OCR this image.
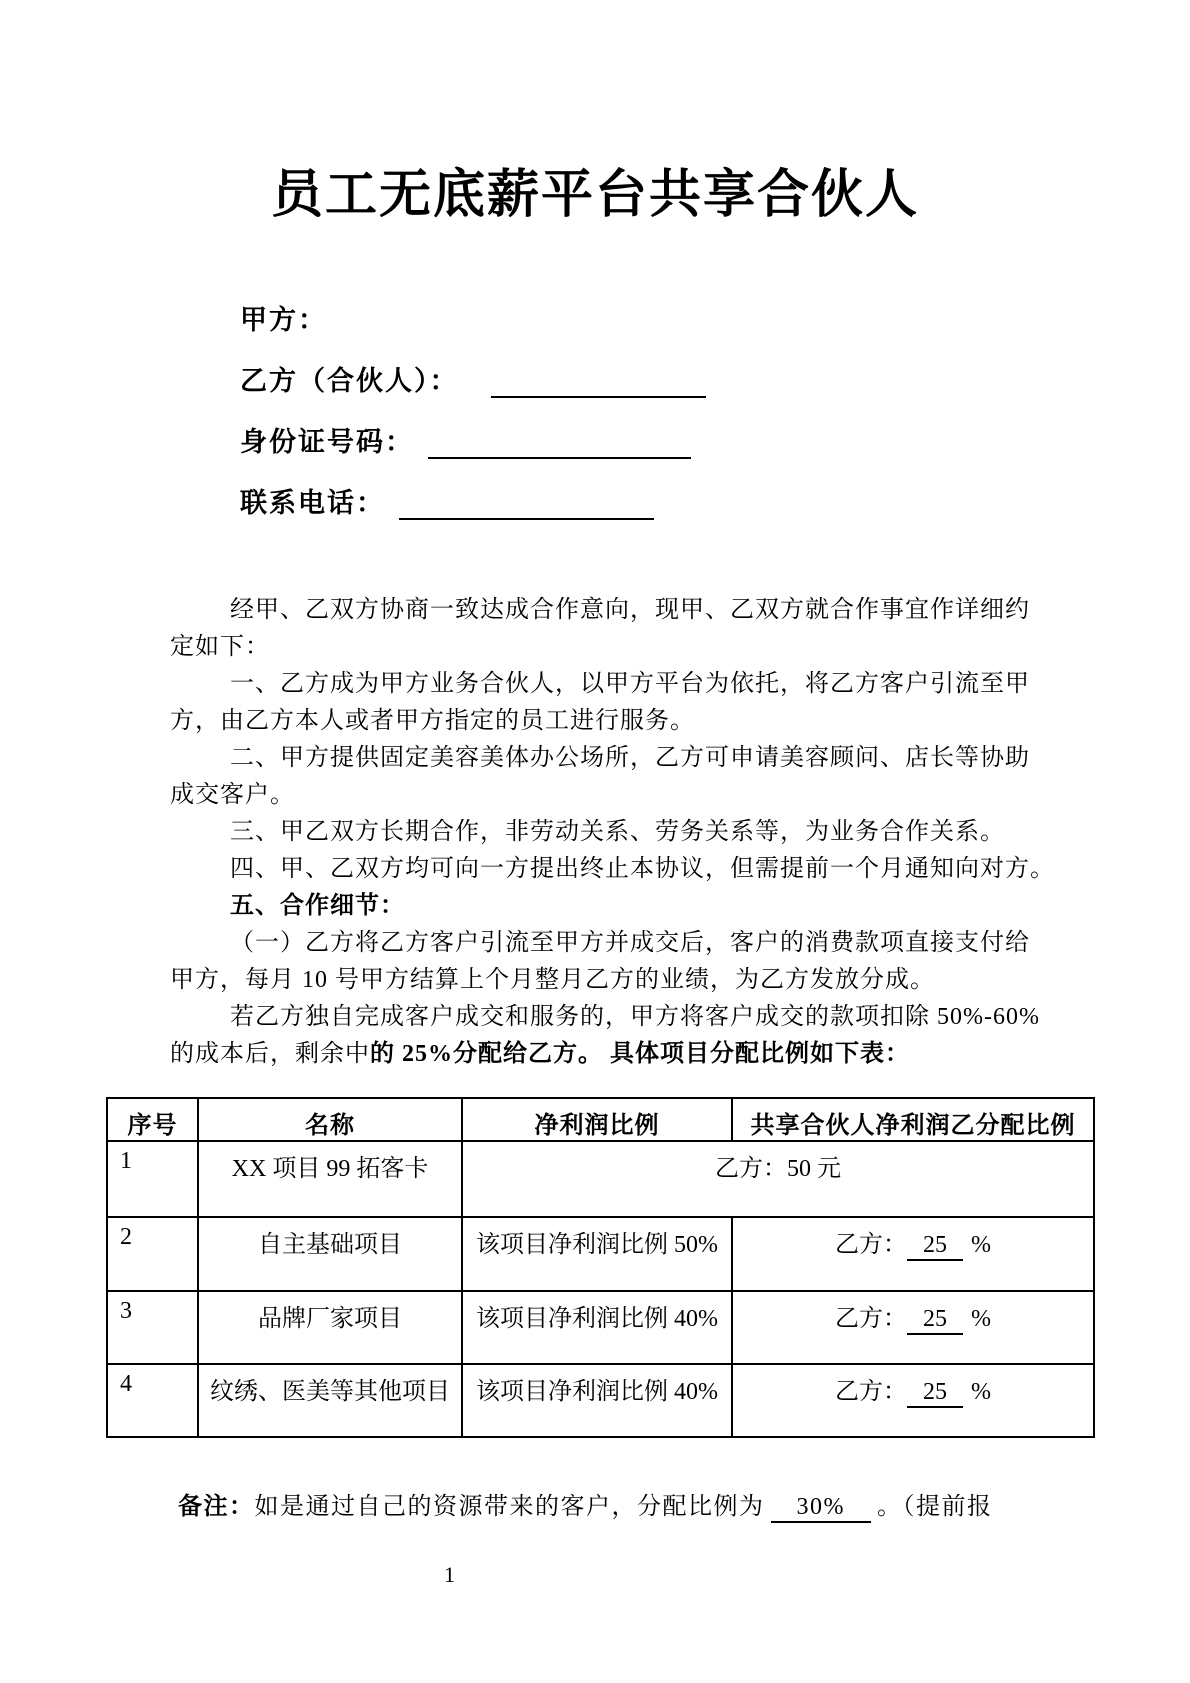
员工无底薪平台共享合伙人
甲方：
乙方（合伙人）：
身份证号码：
联系电话：
经甲、乙双方协商一致达成合作意向，现甲、乙双方就合作事宜作详细约
定如下：
一、乙方成为甲方业务合伙人，以甲方平台为依托，将乙方客户引流至甲
方，由乙方本人或者甲方指定的员工进行服务。
二、甲方提供固定美容美体办公场所，乙方可申请美容顾问、店长等协助
成交客户。
三、甲乙双方长期合作，非劳动关系、劳务关系等，为业务合作关系。
四、甲、乙双方均可向一方提出终止本协议，但需提前一个月通知向对方。
五、合作细节：
（一）乙方将乙方客户引流至甲方并成交后，客户的消费款项直接支付给
甲方，每月 10 号甲方结算上个月整月乙方的业绩，为乙方发放分成。
若乙方独自完成客户成交和服务的，甲方将客户成交的款项扣除 50%-60%
的成本后，剩余中的 25%分配给乙方。 具体项目分配比例如下表：
序号	名称	净利润比例	共享合伙人净利润乙分配比例
1	XX 项目 99 拓客卡	乙方：50 元	
2	自主基础项目	该项目净利润比例 50%	乙方： 25 %
3	品牌厂家项目	该项目净利润比例 40%	乙方： 25 %
4	纹绣、医美等其他项目	该项目净利润比例 40%	乙方： 25 %
备注：如是通过自己的资源带来的客户，分配比例为 30% 。（提前报
1
